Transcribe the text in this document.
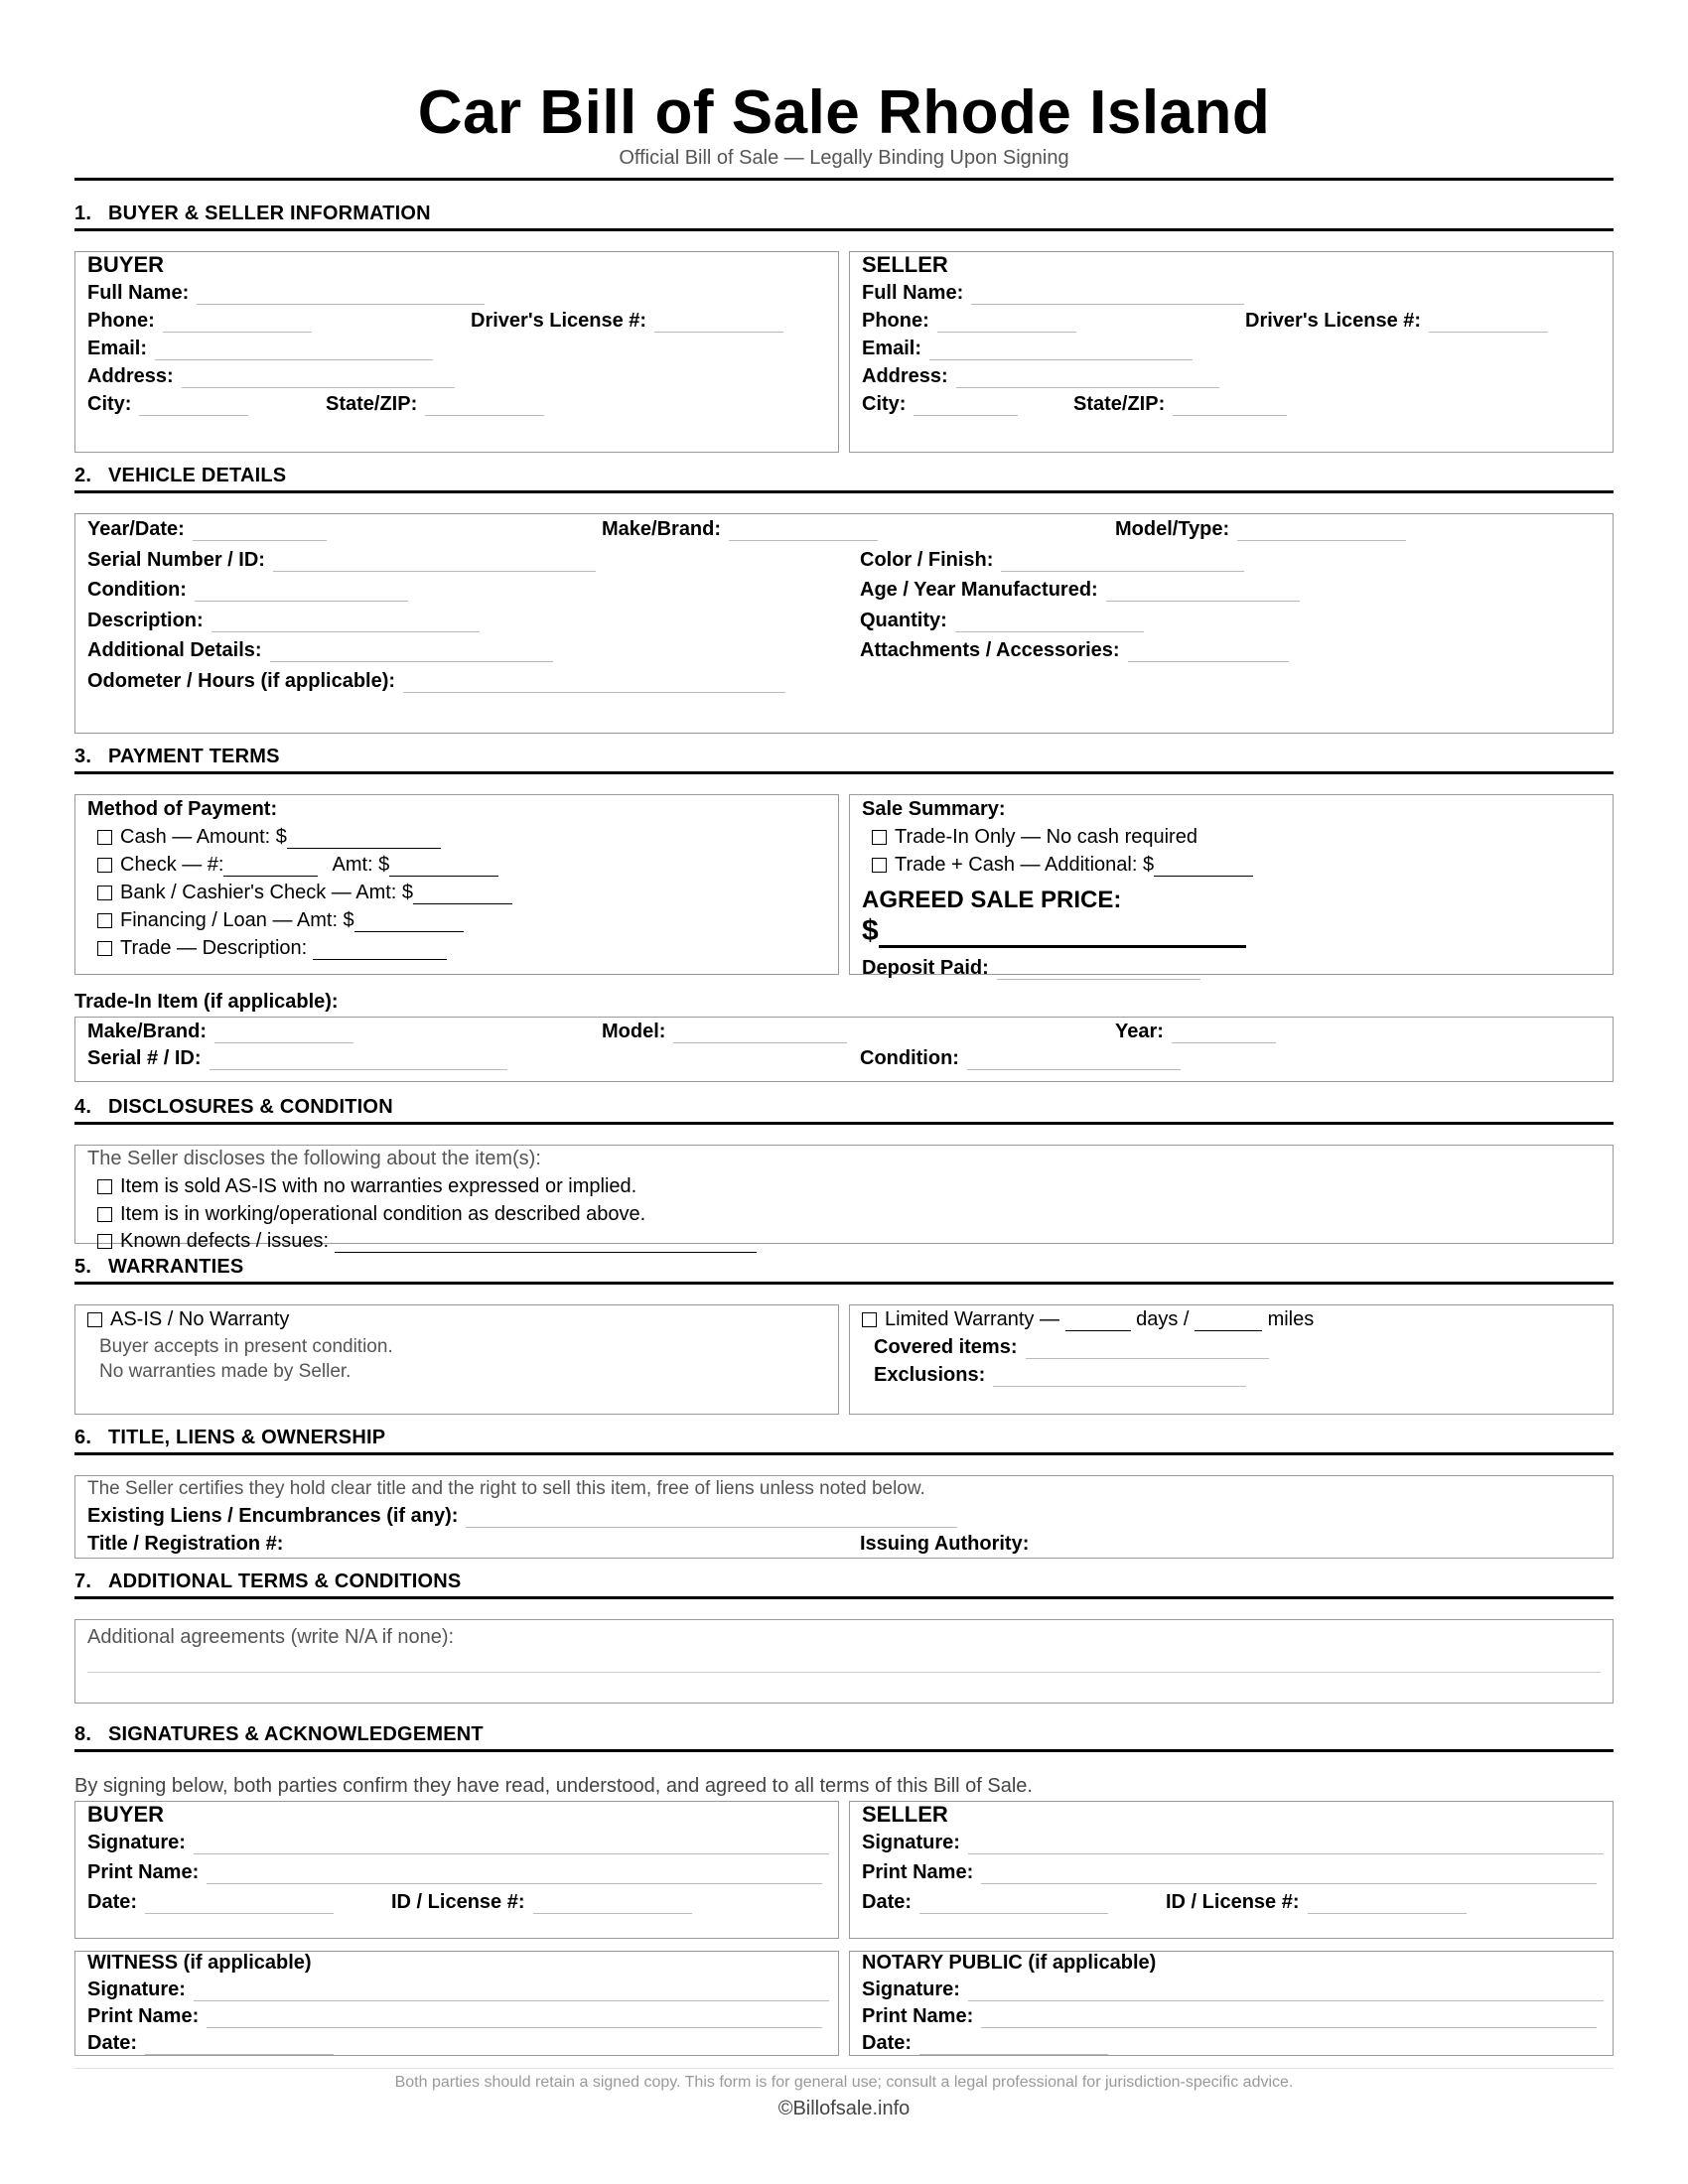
Car Bill of Sale Rhode Island
Official Bill of Sale — Legally Binding Upon Signing
1. BUYER & SELLER INFORMATION
BUYER
Full Name:
Phone:	Driver's License #:
Email:
Address:
City:	State/ZIP:
SELLER
Full Name:
Phone:	Driver's License #:
Email:
Address:
City:	State/ZIP:
2. VEHICLE DETAILS
Year/Date:	Make/Brand:	Model/Type:
Serial Number / ID:	Color / Finish:
Condition:	Age / Year Manufactured:
Description:	Quantity:
Additional Details:	Attachments / Accessories:
Odometer / Hours (if applicable):
3. PAYMENT TERMS
Method of Payment:
Cash — Amount: $
Check — #:	Amt: $
Bank / Cashier's Check — Amt: $
Financing / Loan — Amt: $
Trade — Description:
Sale Summary:
Trade-In Only — No cash required
Trade + Cash — Additional: $
AGREED SALE PRICE:
$
Deposit Paid:
Trade-In Item (if applicable):
Make/Brand:	Model:	Year:
Serial # / ID:	Condition:
4. DISCLOSURES & CONDITION
The Seller discloses the following about the item(s):
Item is sold AS-IS with no warranties expressed or implied.
Item is in working/operational condition as described above.
Known defects / issues:
5. WARRANTIES
AS-IS / No Warranty
Buyer accepts in present condition.
No warranties made by Seller.
Limited Warranty —	days /	miles
Covered items:
Exclusions:
6. TITLE, LIENS & OWNERSHIP
The Seller certifies they hold clear title and the right to sell this item, free of liens unless noted below.
Existing Liens / Encumbrances (if any):
Title / Registration #:	Issuing Authority:
7. ADDITIONAL TERMS & CONDITIONS
Additional agreements (write N/A if none):
8. SIGNATURES & ACKNOWLEDGEMENT
By signing below, both parties confirm they have read, understood, and agreed to all terms of this Bill of Sale.
BUYER
Signature:
Print Name:
Date:	ID / License #:
SELLER
Signature:
Print Name:
Date:	ID / License #:
WITNESS (if applicable)
Signature:
Print Name:
Date:
NOTARY PUBLIC (if applicable)
Signature:
Print Name:
Date:
Both parties should retain a signed copy. This form is for general use; consult a legal professional for jurisdiction-specific advice.
©Billofsale.info
